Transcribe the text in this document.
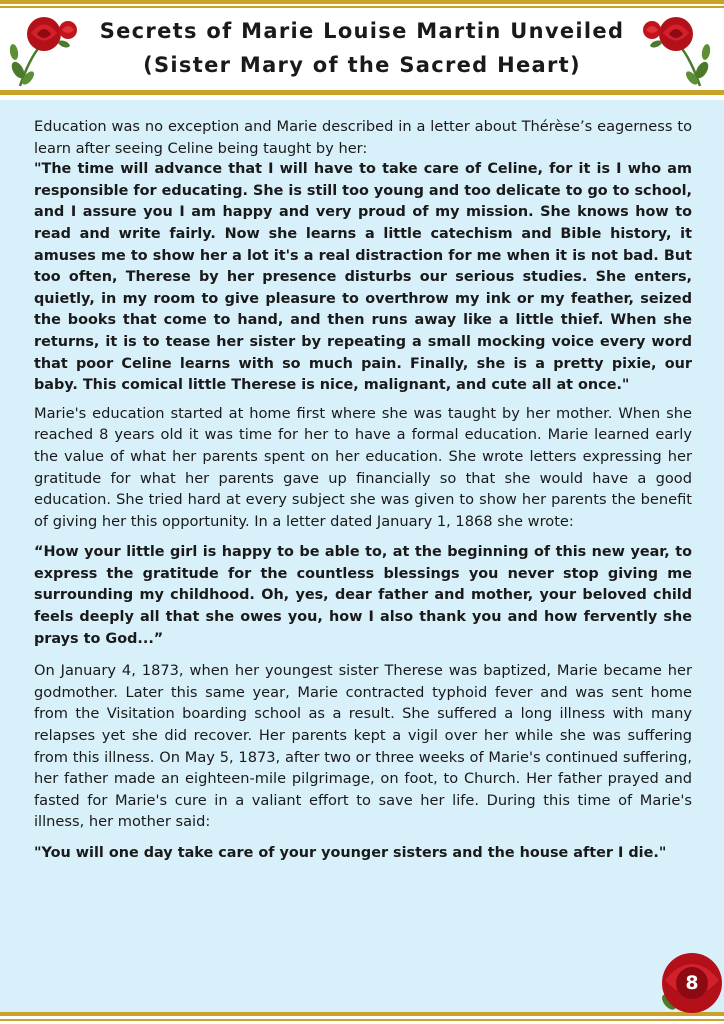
Secrets of Marie Louise Martin Unveiled
(Sister Mary of the Sacred Heart)

Education was no exception and Marie described in a letter about Thérèse’s eagerness to learn after seeing Celine being taught by her:

"The time will advance that I will have to take care of Celine, for it is I who am responsible for educating. She is still too young and too delicate to go to school, and I assure you I am happy and very proud of my mission. She knows how to read and write fairly. Now she learns a little catechism and Bible history, it amuses me to show her a lot it's a real distraction for me when it is not bad. But too often, Therese by her presence disturbs our serious studies. She enters, quietly, in my room to give pleasure to overthrow my ink or my feather, seized the books that come to hand, and then runs away like a little thief. When she returns, it is to tease her sister by repeating a small mocking voice every word that poor Celine learns with so much pain. Finally, she is a pretty pixie, our baby. This comical little Therese is nice, malignant, and cute all at once."

Marie's education started at home first where she was taught by her mother. When she reached 8 years old it was time for her to have a formal education. Marie learned early the value of what her parents spent on her education. She wrote letters expressing her gratitude for what her parents gave up financially so that she would have a good education. She tried hard at every subject she was given to show her parents the benefit of giving her this opportunity. In a letter dated January 1, 1868 she wrote:

“How your little girl is happy to be able to, at the beginning of this new year, to express the gratitude for the countless blessings you never stop giving me surrounding my childhood. Oh, yes, dear father and mother, your beloved child feels deeply all that she owes you, how I also thank you and how fervently she prays to God...”

On January 4, 1873, when her youngest sister Therese was baptized, Marie became her godmother. Later this same year, Marie contracted typhoid fever and was sent home from the Visitation boarding school as a result. She suffered a long illness with many relapses yet she did recover. Her parents kept a vigil over her while she was suffering from this illness. On May 5, 1873, after two or three weeks of Marie's continued suffering, her father made an eighteen-mile pilgrimage, on foot, to Church. Her father prayed and fasted for Marie's cure in a valiant effort to save her life. During this time of Marie's illness, her mother said:

"You will one day take care of your younger sisters and the house after I die."

8
